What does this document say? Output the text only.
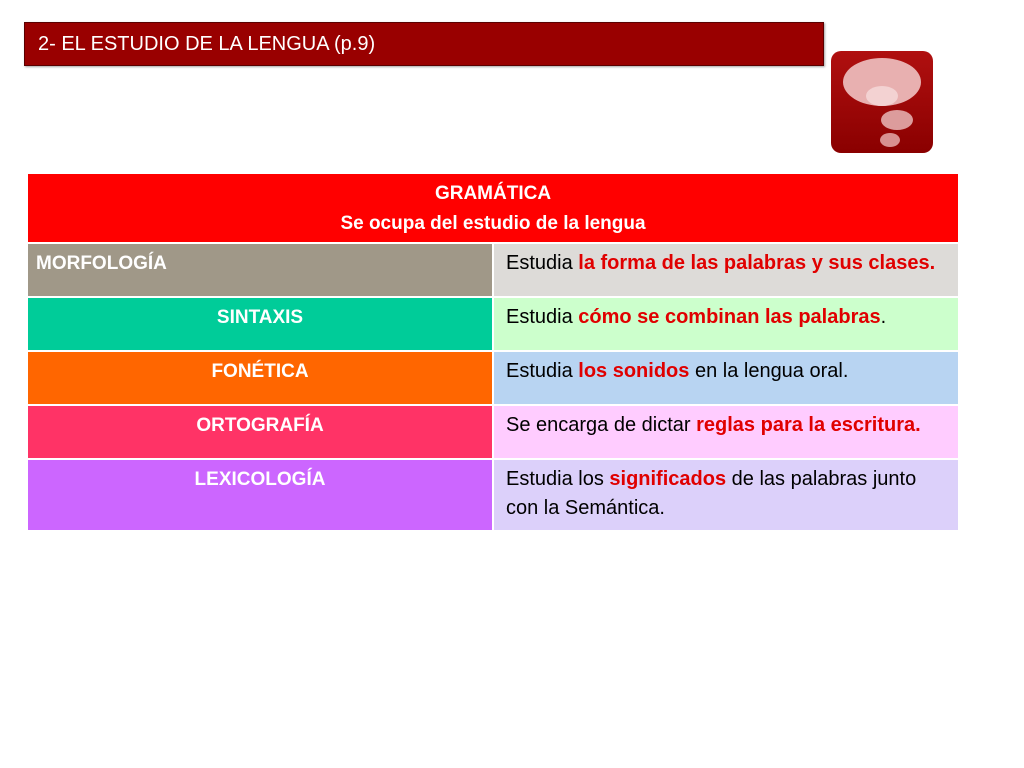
2- EL ESTUDIO DE LA LENGUA (p.9)
GRAMÁTICA
Se ocupa del estudio de la lengua	

MORFOLOGÍA	Estudia la forma de las palabras y sus clases.
SINTAXIS	Estudia cómo se combinan las palabras.
FONÉTICA	Estudia los sonidos en la lengua oral.
ORTOGRAFÍA	Se encarga de dictar reglas para la escritura.
LEXICOLOGÍA	Estudia los significados de las palabras junto con la Semántica.
